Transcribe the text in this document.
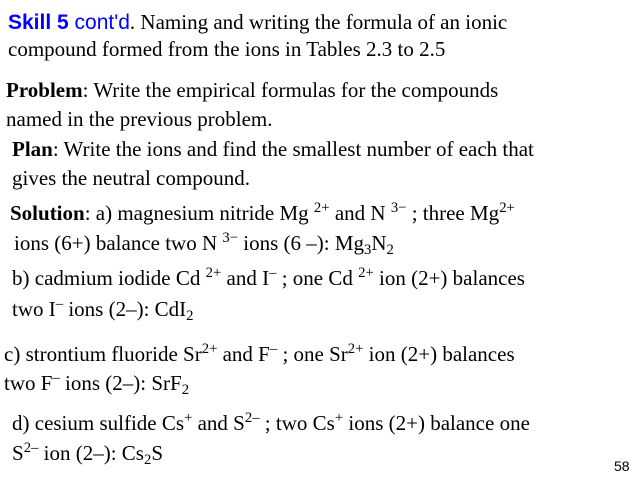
Skill 5 cont'd. Naming and writing the formula of an ionic
compound formed from the ions in Tables 2.3 to 2.5
Problem: Write the empirical formulas for the compounds
named in the previous problem.
Plan: Write the ions and find the smallest number of each that
gives the neutral compound.
Solution: a) magnesium nitride Mg $^{2+}$ and N $^{3-}$ ; three $Mg^{2+}$
ions (6+) balance two N $^{3-}$ ions (6 –): $Mg_3N_2$
b) cadmium iodide Cd $^{2+}$ and I– ; one Cd $^{2+}$ ion (2+) balances
two I– ions (2–): CdI$_2$
c) strontium fluoride $Sr^{2+}$ and F– ; one $Sr^{2+}$ ion (2+) balances
two F– ions (2–): SrF$_2$
d) cesium sulfide Cs+ and $S^{2-}$ ; two Cs+ ions (2+) balance one
$S^{2-}$ ion (2–): $Cs_2S$
58
